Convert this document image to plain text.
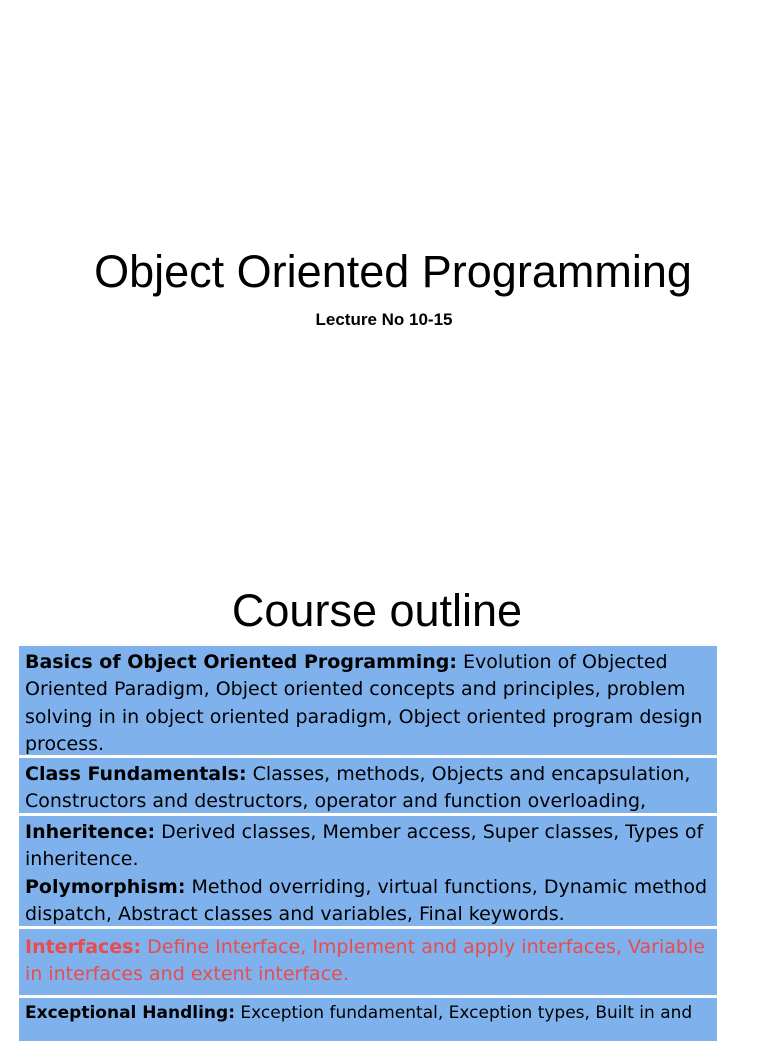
Object Oriented Programming
Lecture No 10-15
Course outline
Basics of Object Oriented Programming: Evolution of Objected Oriented Paradigm, Object oriented concepts and principles, problem solving in in object oriented paradigm, Object oriented program design process.
Class Fundamentals: Classes, methods, Objects and encapsulation, Constructors and destructors, operator and function overloading,
Inheritence: Derived classes, Member access, Super classes, Types of inheritence.
Polymorphism: Method overriding, virtual functions, Dynamic method dispatch, Abstract classes and variables, Final keywords.
Interfaces: Define Interface, Implement and apply interfaces, Variable in interfaces and extent interface.
Exceptional Handling: Exception fundamental, Exception types, Built in and
